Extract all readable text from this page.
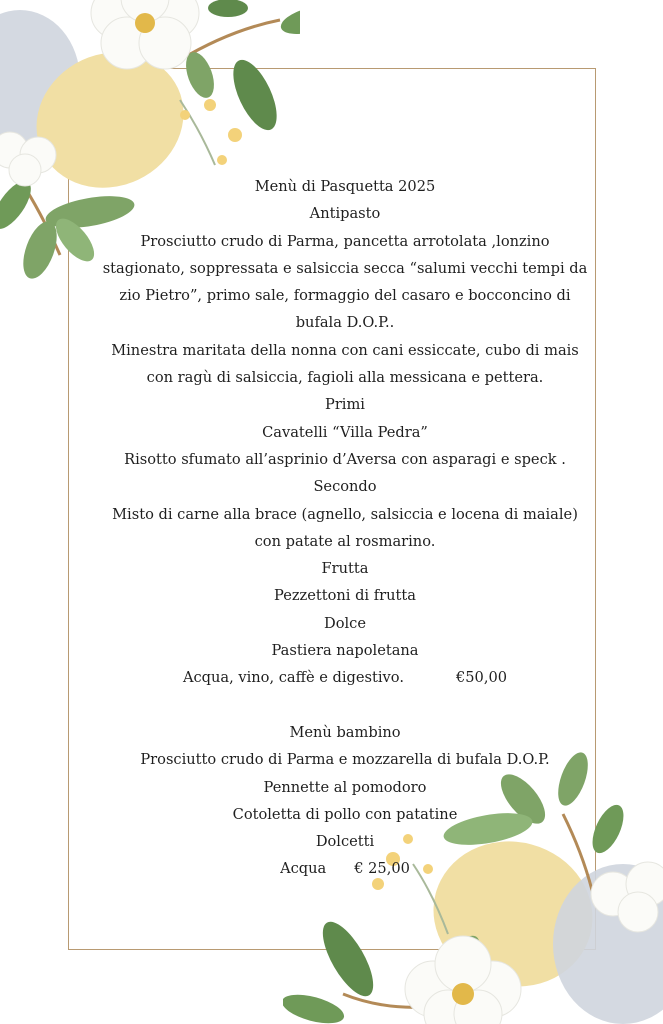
Menù di Pasquetta 2025
Antipasto
Prosciutto crudo di Parma, pancetta arrotolata ,lonzino
stagionato, soppressata e salsiccia secca “salumi vecchi tempi da
zio Pietro”, primo sale, formaggio del casaro e bocconcino di
bufala D.O.P..
Minestra maritata della nonna con cani essiccate, cubo di mais
con ragù di salsiccia, fagioli alla messicana e pettera.
Primi
Cavatelli “Villa Pedra”
Risotto sfumato all’asprinio d’Aversa con asparagi e speck .
Secondo
Misto di carne alla brace (agnello, salsiccia e locena di maiale)
con patate al rosmarino.
Frutta
Pezzettoni di frutta
Dolce
Pastiera napoletana
Acqua, vino, caffè e digestivo.	€50,00
Menù bambino
Prosciutto crudo di Parma e mozzarella di bufala D.O.P.
Pennette al pomodoro
Cotoletta di pollo con patatine
Dolcetti
Acqua € 25,00
